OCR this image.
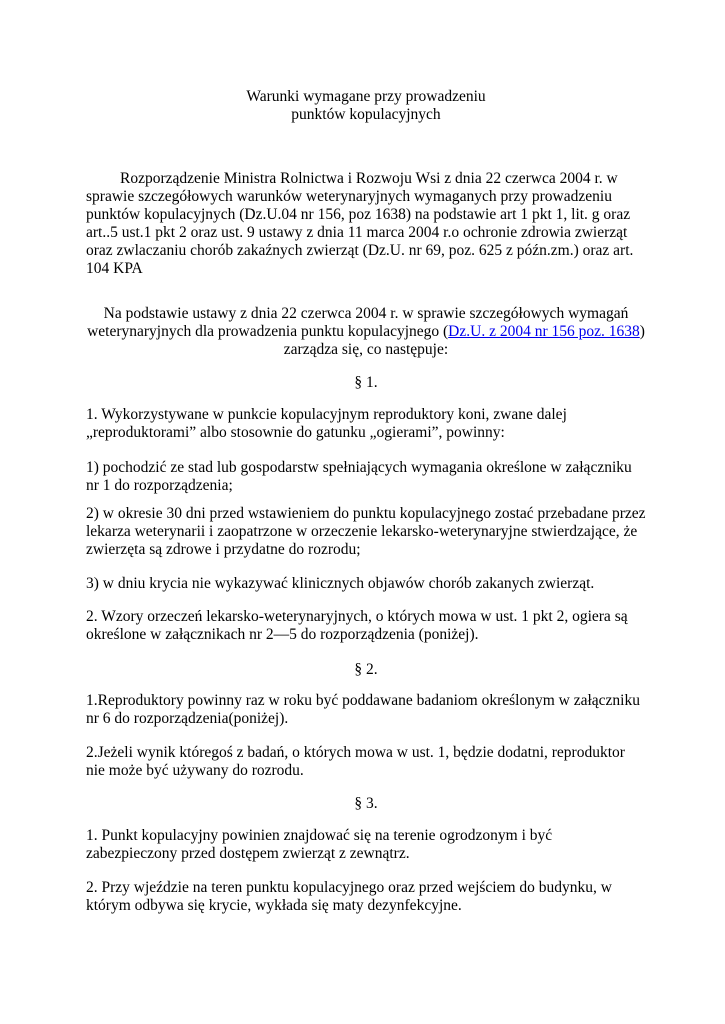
Warunki wymagane przy prowadzeniu
punktów kopulacyjnych

Rozporządzenie Ministra Rolnictwa i Rozwoju Wsi z dnia 22 czerwca 2004 r. w sprawie szczegółowych warunków weterynaryjnych wymaganych przy prowadzeniu punktów kopulacyjnych (Dz.U.04 nr 156, poz 1638) na podstawie art 1 pkt 1, lit. g oraz art..5 ust.1 pkt 2 oraz ust. 9 ustawy z dnia 11 marca 2004 r.o ochronie zdrowia zwierząt oraz zwlaczaniu chorób zakaźnych zwierząt (Dz.U. nr 69, poz. 625 z późn.zm.) oraz art. 104 KPA

Na podstawie ustawy z dnia 22 czerwca 2004 r. w sprawie szczegółowych wymagań weterynaryjnych dla prowadzenia punktu kopulacyjnego (Dz.U. z 2004 nr 156 poz. 1638)
zarządza się, co następuje:
§ 1.

1. Wykorzystywane w punkcie kopulacyjnym reproduktory koni, zwane dalej „reproduktorami” albo stosownie do gatunku „ogierami”, powinny:

1) pochodzić ze stad lub gospodarstw spełniających wymagania określone w załączniku nr 1 do rozporządzenia;

2) w okresie 30 dni przed wstawieniem do punktu kopulacyjnego zostać przebadane przez lekarza weterynarii i zaopatrzone w orzeczenie lekarsko-weterynaryjne stwierdzające, że zwierzęta są zdrowe i przydatne do rozrodu;

3) w dniu krycia nie wykazywać klinicznych objawów chorób zakanych zwierząt.

2. Wzory orzeczeń lekarsko-weterynaryjnych, o których mowa w ust. 1 pkt 2, ogiera są określone w załącznikach nr 2—5 do rozporządzenia (poniżej).

§ 2.

1.Reproduktory powinny raz w roku być poddawane badaniom określonym w załączniku nr 6 do rozporządzenia(poniżej).

2.Jeżeli wynik któregoś z badań, o których mowa w ust. 1, będzie dodatni, reproduktor nie może być używany do rozrodu.

§ 3.

1. Punkt kopulacyjny powinien znajdować się na terenie ogrodzonym i być zabezpieczony przed dostępem zwierząt z zewnątrz.

2. Przy wjeździe na teren punktu kopulacyjnego oraz przed wejściem do budynku, w którym odbywa się krycie, wykłada się maty dezynfekcyjne.
